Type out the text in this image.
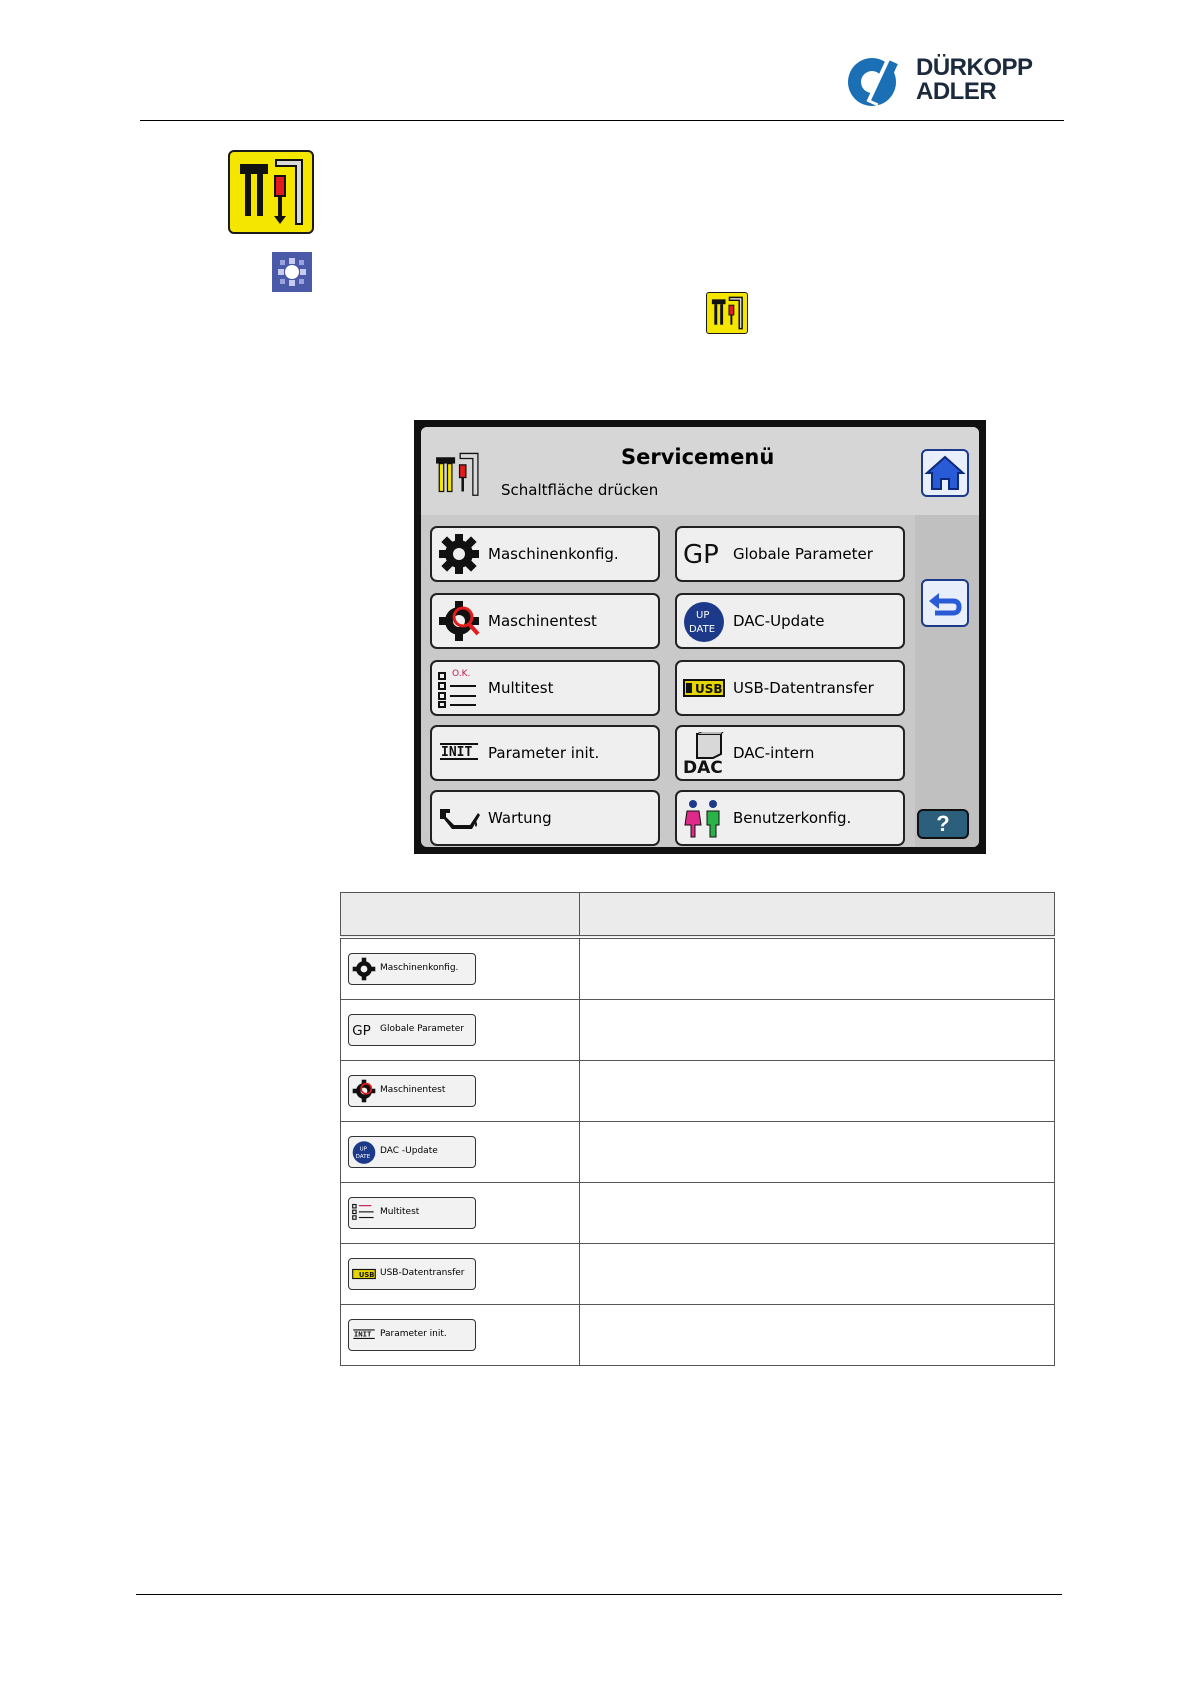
DÜRKOPP
ADLER
Servicemenü
Schaltfläche drücken
?
Maschinenkonfig.
Maschinentest
O.K.
Multitest
INIT Parameter init.
Wartung
GP Globale Parameter
UP
DATE DAC-Update
USB USB-Datentransfer
DAC
DAC-intern
Benutzerkonfig.

Maschinenkonfig.	

GP Globale Parameter	

Maschinentest	

UP
DATE
DAC -Update	

Multitest	

USB USB-Datentransfer	

INIT Parameter init.	
